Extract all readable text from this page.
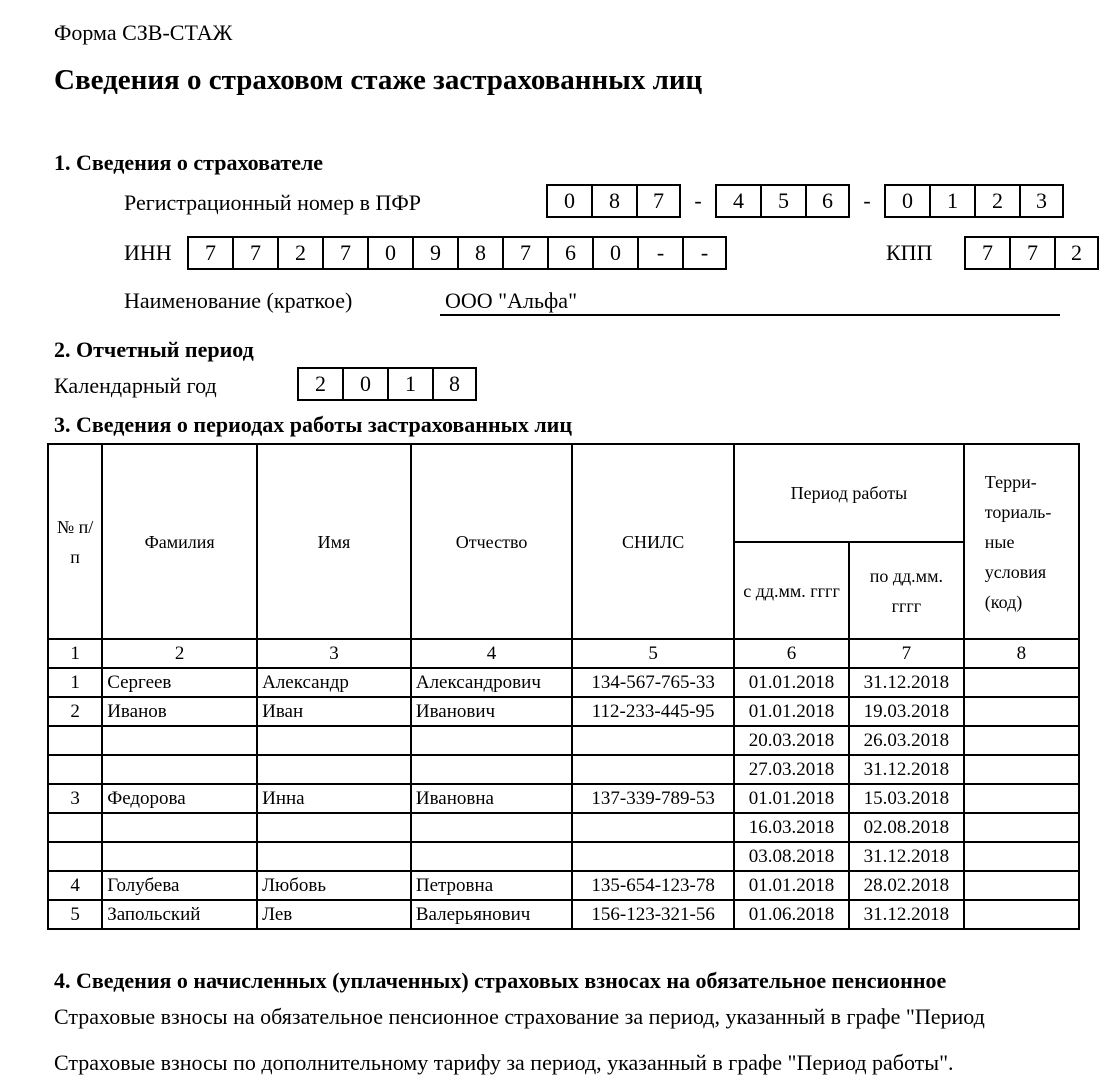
Форма СЗВ-СТАЖ
Сведения о страховом стаже застрахованных лиц
1. Сведения о страхователе
Регистрационный номер в ПФР	0	8	7	-	4	5	6	-	0	1	2	3
ИНН	7	7	2	7	0	9	8	7	6	0	-	-	КПП	7	7	2
Наименование (краткое)	ООО "Альфа"
2. Отчетный период
Календарный год	2	0	1	8
3. Сведения о периодах работы застрахованных лиц
№ п/п	Фамилия	Имя	Отчество	СНИЛС	Период работы		Территориальные условия (код)
					с дд.мм. гггг	по дд.мм. гггг	
1	2	3	4	5	6	7	8
1	Сергеев	Александр	Александрович	134-567-765-33	01.01.2018	31.12.2018	
2	Иванов	Иван	Иванович	112-233-445-95	01.01.2018	19.03.2018	
					20.03.2018	26.03.2018	
					27.03.2018	31.12.2018	
3	Федорова	Инна	Ивановна	137-339-789-53	01.01.2018	15.03.2018	
					16.03.2018	02.08.2018	
					03.08.2018	31.12.2018	
4	Голубева	Любовь	Петровна	135-654-123-78	01.01.2018	28.02.2018	
5	Запольский	Лев	Валерьянович	156-123-321-56	01.06.2018	31.12.2018	
4. Сведения о начисленных (уплаченных) страховых взносах на обязательное пенсионное
Страховые взносы на обязательное пенсионное страхование за период, указанный в графе "Период
Страховые взносы по дополнительному тарифу за период, указанный в графе "Период работы".
